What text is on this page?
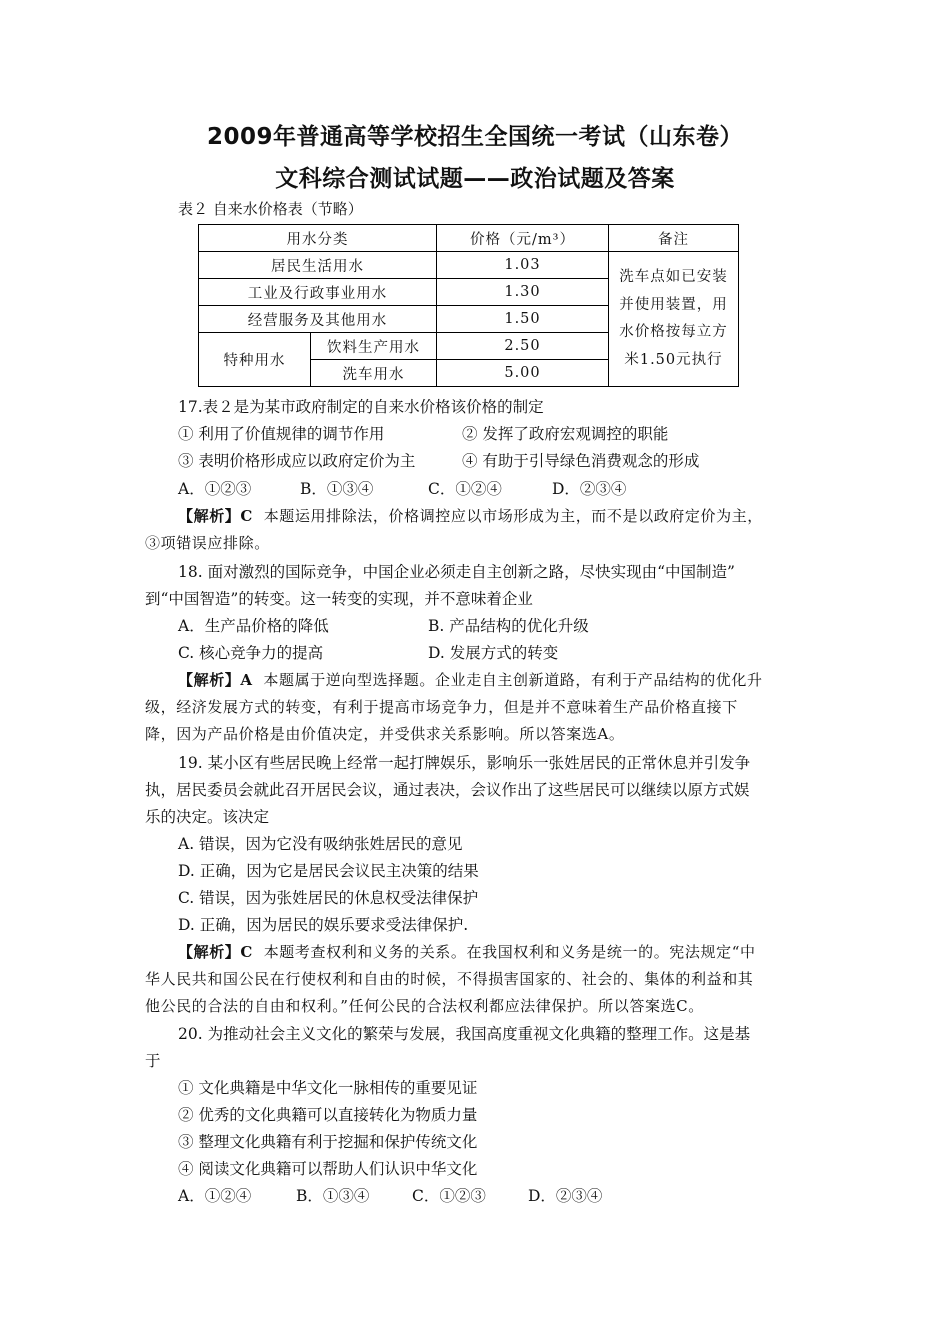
2009年普通高等学校招生全国统一考试（山东卷）
文科综合测试试题——政治试题及答案
表２ 自来水价格表（节略）
用水分类		价格（元/m³）	备注
居民生活用水		1.03	洗车点如已安装并使用装置，用水价格按每立方米1.50元执行
工业及行政事业用水		1.30	
经营服务及其他用水		1.50	
特种用水	饮料生产用水	2.50	
	洗车用水	5.00	
17.表２是为某市政府制定的自来水价格该价格的制定
① 利用了价值规律的调节作用	② 发挥了政府宏观调控的职能
③ 表明价格形成应以政府定价为主	④ 有助于引导绿色消费观念的形成
A．①②③	B．①③④	C．①②④	D．②③④
【解析】C 本题运用排除法，价格调控应以市场形成为主，而不是以政府定价为主，
③项错误应排除。
18. 面对激烈的国际竞争，中国企业必须走自主创新之路，尽快实现由“中国制造”
到“中国智造”的转变。这一转变的实现，并不意味着企业
A．生产品价格的降低	B. 产品结构的优化升级
C. 核心竞争力的提高	D. 发展方式的转变
【解析】A 本题属于逆向型选择题。企业走自主创新道路，有利于产品结构的优化升
级，经济发展方式的转变，有利于提高市场竞争力，但是并不意味着生产品价格直接下
降，因为产品价格是由价值决定，并受供求关系影响。所以答案选A。
19. 某小区有些居民晚上经常一起打牌娱乐，影响乐一张姓居民的正常休息并引发争
执，居民委员会就此召开居民会议，通过表决，会议作出了这些居民可以继续以原方式娱
乐的决定。该决定
A. 错误，因为它没有吸纳张姓居民的意见
D. 正确，因为它是居民会议民主决策的结果
C. 错误，因为张姓居民的休息权受法律保护
D. 正确，因为居民的娱乐要求受法律保护.
【解析】C 本题考查权利和义务的关系。在我国权利和义务是统一的。宪法规定“中
华人民共和国公民在行使权利和自由的时候，不得损害国家的、社会的、集体的利益和其
他公民的合法的自由和权利。”任何公民的合法权利都应法律保护。所以答案选C。
20. 为推动社会主义文化的繁荣与发展，我国高度重视文化典籍的整理工作。这是基
于
① 文化典籍是中华文化一脉相传的重要见证
② 优秀的文化典籍可以直接转化为物质力量
③ 整理文化典籍有利于挖掘和保护传统文化
④ 阅读文化典籍可以帮助人们认识中华文化
A．①②④	B．①③④	C．①②③	D．②③④
